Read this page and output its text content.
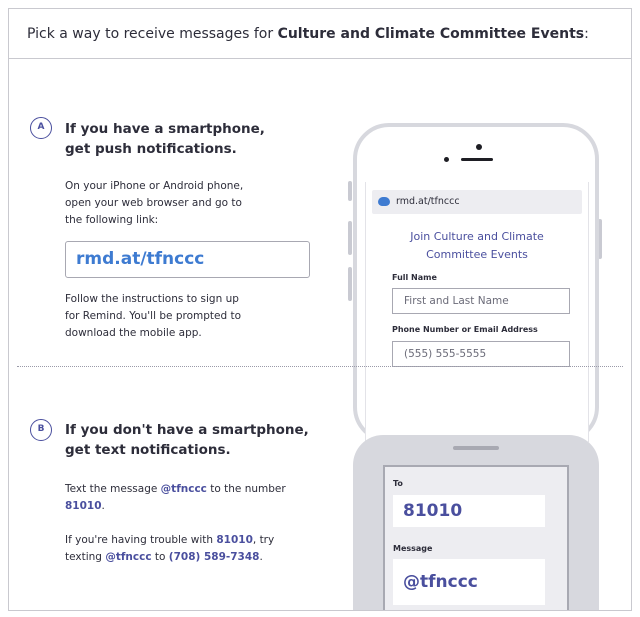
Pick a way to receive messages for Culture and Climate Committee Events:
A	If you have a smartphone,
get push notifications.
On your iPhone or Android phone,
open your web browser and go to
the following link:
rmd.at/tfnccc
Follow the instructions to sign up
for Remind. You'll be prompted to
download the mobile app.
rmd.at/tfnccc
Join Culture and Climate
Committee Events
Full Name
First and Last Name
Phone Number or Email Address
(555) 555-5555
B	If you don't have a smartphone,
get text notifications.
Text the message @tfnccc to the number
81010.
If you're having trouble with 81010, try
texting @tfnccc to (708) 589-7348.
To
81010
Message
@tfnccc
